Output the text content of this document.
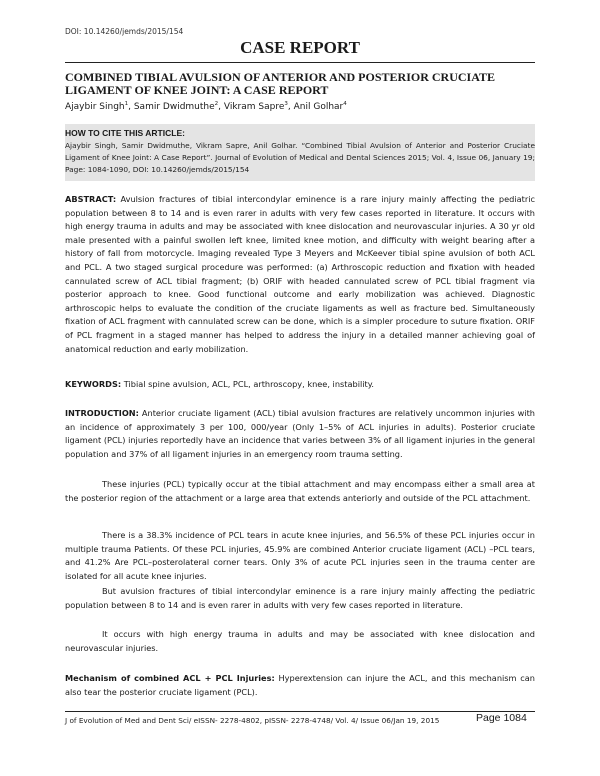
DOI: 10.14260/jemds/2015/154
CASE REPORT
COMBINED TIBIAL AVULSION OF ANTERIOR AND POSTERIOR CRUCIATE
LIGAMENT OF KNEE JOINT: A CASE REPORT
Ajaybir Singh$^1$, Samir Dwidmuthe$^2$, Vikram Sapre$^3$, Anil Golhar$^4$
HOW TO CITE THIS ARTICLE:
Ajaybir Singh, Samir Dwidmuthe, Vikram Sapre, Anil Golhar. “Combined Tibial Avulsion of Anterior and Posterior Cruciate Ligament of Knee Joint: A Case Report”. Journal of Evolution of Medical and Dental Sciences 2015; Vol. 4, Issue 06, January 19; Page: 1084-1090, DOI: 10.14260/jemds/2015/154

ABSTRACT: Avulsion fractures of tibial intercondylar eminence is a rare injury mainly affecting the pediatric population between 8 to 14 and is even rarer in adults with very few cases reported in literature. It occurs with high energy trauma in adults and may be associated with knee dislocation and neurovascular injuries. A 30 yr old male presented with a painful swollen left knee, limited knee motion, and difficulty with weight bearing after a history of fall from motorcycle. Imaging revealed Type 3 Meyers and McKeever tibial spine avulsion of both ACL and PCL. A two staged surgical procedure was performed: (a) Arthroscopic reduction and fixation with headed cannulated screw of ACL tibial fragment; (b) ORIF with headed cannulated screw of PCL tibial fragment via posterior approach to knee. Good functional outcome and early mobilization was achieved. Diagnostic arthroscopic helps to evaluate the condition of the cruciate ligaments as well as fracture bed. Simultaneously fixation of ACL fragment with cannulated screw can be done, which is a simpler procedure to suture fixation. ORIF of PCL fragment in a staged manner has helped to address the injury in a detailed manner achieving goal of anatomical reduction and early mobilization.

KEYWORDS: Tibial spine avulsion, ACL, PCL, arthroscopy, knee, instability.

INTRODUCTION: Anterior cruciate ligament (ACL) tibial avulsion fractures are relatively uncommon injuries with an incidence of approximately 3 per 100, 000/year (Only 1–5% of ACL injuries in adults). Posterior cruciate ligament (PCL) injuries reportedly have an incidence that varies between 3% of all ligament injuries in the general population and 37% of all ligament injuries in an emergency room trauma setting.

These injuries (PCL) typically occur at the tibial attachment and may encompass either a small area at the posterior region of the attachment or a large area that extends anteriorly and outside of the PCL attachment.

There is a 38.3% incidence of PCL tears in acute knee injuries, and 56.5% of these PCL injuries occur in multiple trauma Patients. Of these PCL injuries, 45.9% are combined Anterior cruciate ligament (ACL) –PCL tears, and 41.2% Are PCL–posterolateral corner tears. Only 3% of acute PCL injuries seen in the trauma center are isolated for all acute knee injuries.

But avulsion fractures of tibial intercondylar eminence is a rare injury mainly affecting the pediatric population between 8 to 14 and is even rarer in adults with very few cases reported in literature.

It occurs with high energy trauma in adults and may be associated with knee dislocation and neurovascular injuries.

Mechanism of combined ACL + PCL Injuries: Hyperextension can injure the ACL, and this mechanism can also tear the posterior cruciate ligament (PCL).

J of Evolution of Med and Dent Sci/ eISSN- 2278-4802, pISSN- 2278-4748/ Vol. 4/ Issue 06/Jan 19, 2015	Page 1084
